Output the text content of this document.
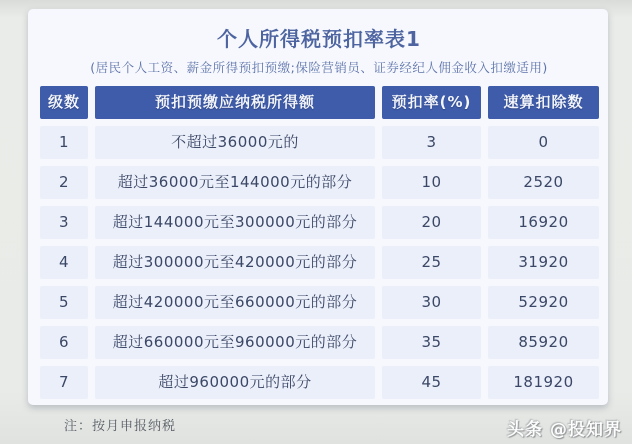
个人所得税预扣率表1
(居民个人工资、薪金所得预扣预缴;保险营销员、证券经纪人佣金收入扣缴适用)
级数	预扣预缴应纳税所得额	预扣率(%)	速算扣除数
1	不超过36000元的	3	0
2	超过36000元至144000元的部分	10	2520
3	超过144000元至300000元的部分	20	16920
4	超过300000元至420000元的部分	25	31920
5	超过420000元至660000元的部分	30	52920
6	超过660000元至960000元的部分	35	85920
7	超过960000元的部分	45	181920
注：按月申报纳税	头条 @投知界
